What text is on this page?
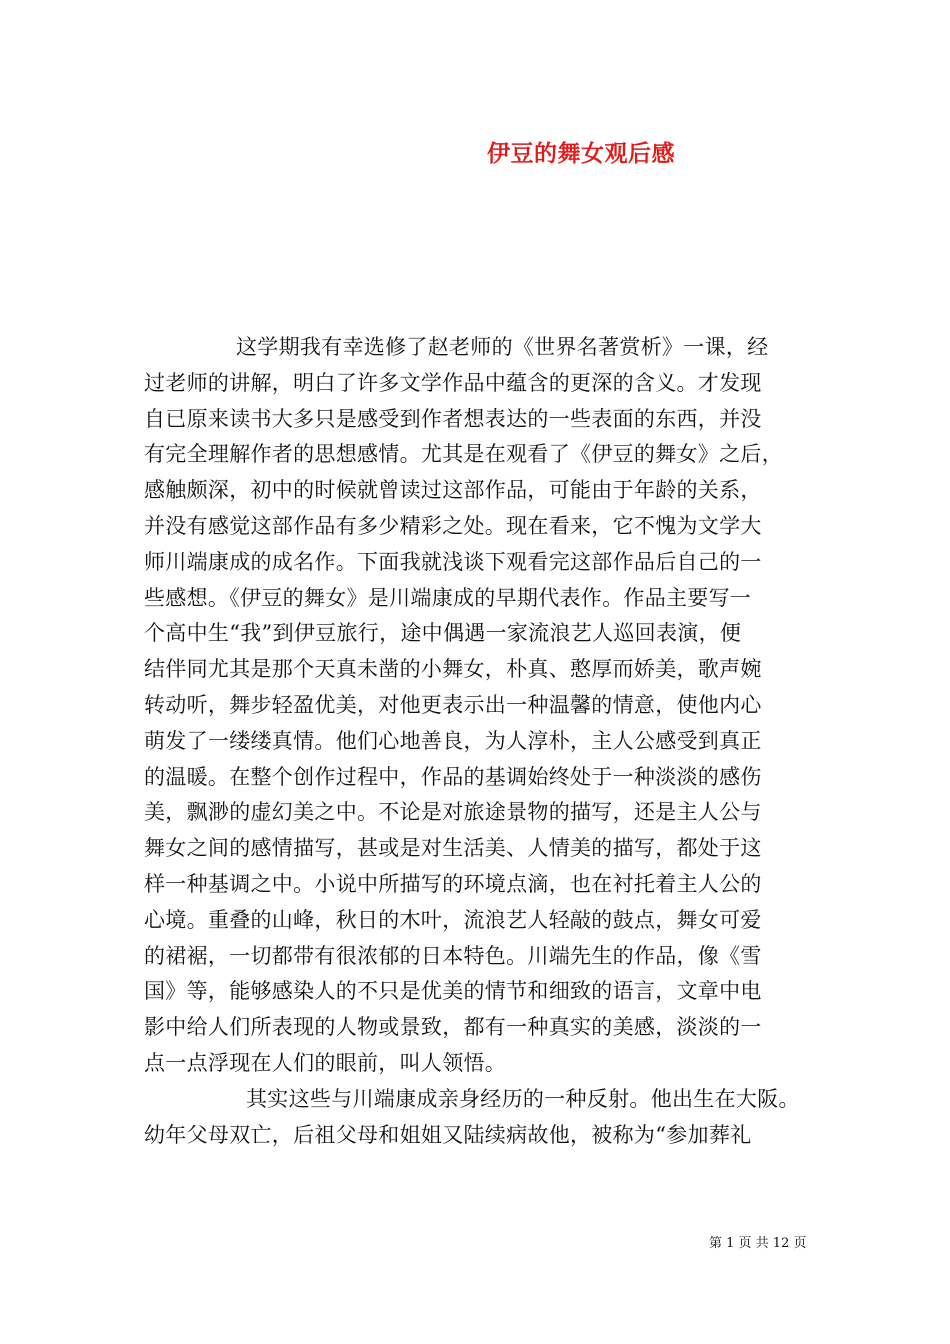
伊豆的舞女观后感
这学期我有幸选修了赵老师的《世界名著赏析》一课，经
过老师的讲解，明白了许多文学作品中蕴含的更深的含义。才发现
自已原来读书大多只是感受到作者想表达的一些表面的东西，并没
有完全理解作者的思想感情。尤其是在观看了《伊豆的舞女》之后，
感触颇深，初中的时候就曾读过这部作品，可能由于年龄的关系，
并没有感觉这部作品有多少精彩之处。现在看来，它不愧为文学大
师川端康成的成名作。下面我就浅谈下观看完这部作品后自己的一
些感想。《伊豆的舞女》是川端康成的早期代表作。作品主要写一
个高中生“我”到伊豆旅行，途中偶遇一家流浪艺人巡回表演，便
结伴同尤其是那个天真未凿的小舞女，朴真、憨厚而娇美，歌声婉
转动听，舞步轻盈优美，对他更表示出一种温馨的情意，使他内心
萌发了一缕缕真情。他们心地善良，为人淳朴，主人公感受到真正
的温暖。在整个创作过程中，作品的基调始终处于一种淡淡的感伤
美，飘渺的虚幻美之中。不论是对旅途景物的描写，还是主人公与
舞女之间的感情描写，甚或是对生活美、人情美的描写，都处于这
样一种基调之中。小说中所描写的环境点滴，也在衬托着主人公的
心境。重叠的山峰，秋日的木叶，流浪艺人轻敲的鼓点，舞女可爱
的裙裾，一切都带有很浓郁的日本特色。川端先生的作品，像《雪
国》等，能够感染人的不只是优美的情节和细致的语言，文章中电
影中给人们所表现的人物或景致，都有一种真实的美感，淡淡的一
点一点浮现在人们的眼前，叫人领悟。
其实这些与川端康成亲身经历的一种反射。他出生在大阪。
幼年父母双亡，后祖父母和姐姐又陆续病故他，被称为“参加葬礼
第 1 页 共 12 页
